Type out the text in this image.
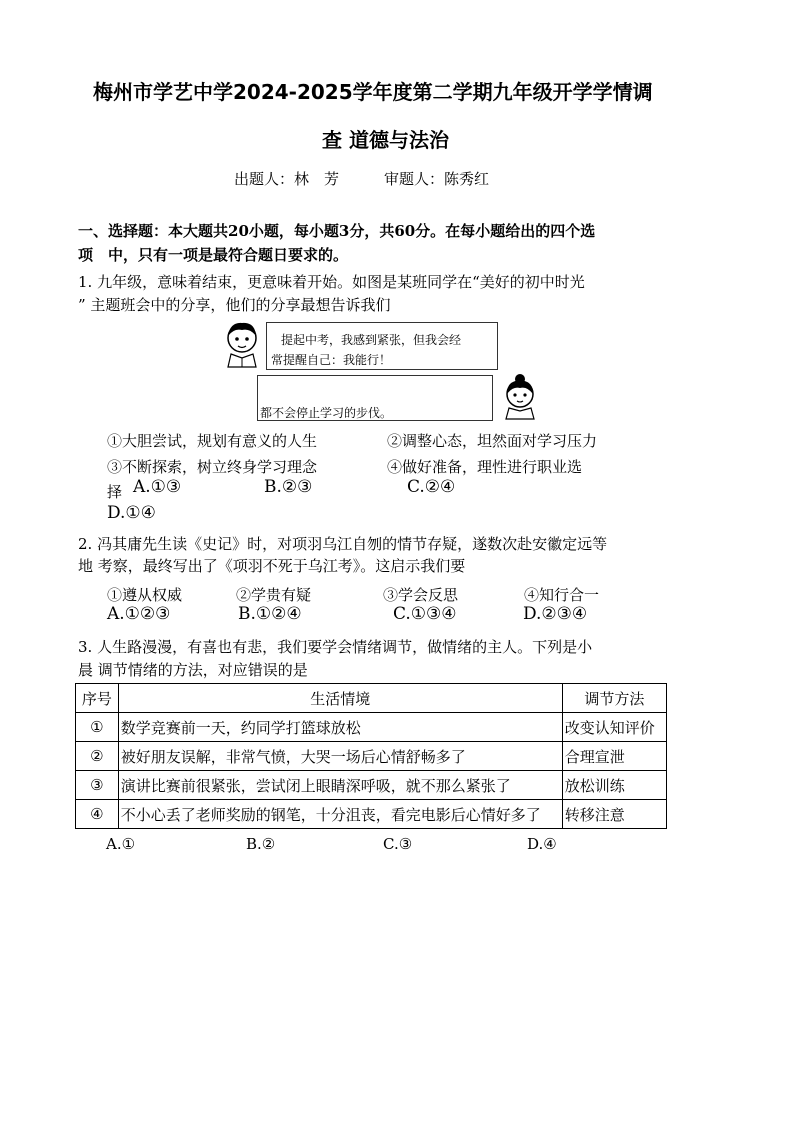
梅州市学艺中学2024-2025学年度第二学期九年级开学学情调
查 道德与法治
出题人：林　芳　　　审题人：陈秀红
一、选择题：本大题共20小题，每小题3分，共60分。在每小题给出的四个选
项　中，只有一项是最符合题日要求的。
1. 九年级，意味着结束，更意味着开始。如图是某班同学在“美好的初中时光
” 主题班会中的分享，他们的分享最想告诉我们
提起中考，我感到紧张，但我会经
常提醒自己：我能行！
都不会停止学习的步伐。
①大胆尝试，规划有意义的人生	②调整心态，坦然面对学习压力
③不断探索，树立终身学习理念	④做好准备，理性进行职业选
择 A.①③	B.②③	C.②④
D.①④
2. 冯其庸先生读《史记》时，对项羽乌江自刎的情节存疑，遂数次赴安徽定远等
地 考察，最终写出了《项羽不死于乌江考》。这启示我们要
①遵从权威	②学贵有疑	③学会反思	④知行合一
A.①②③	B.①②④	C.①③④	D.②③④
3. 人生路漫漫，有喜也有悲，我们要学会情绪调节，做情绪的主人。下列是小
晨 调节情绪的方法，对应错误的是
序号	生活情境	调节方法
①	数学竞赛前一天，约同学打篮球放松	改变认知评价
②	被好朋友误解，非常气愤，大哭一场后心情舒畅多了	合理宣泄
③	演讲比赛前很紧张，尝试闭上眼睛深呼吸，就不那么紧张了	放松训练
④	不小心丢了老师奖励的钢笔，十分沮丧，看完电影后心情好多了	转移注意
A.①	B.②	C.③	D.④
